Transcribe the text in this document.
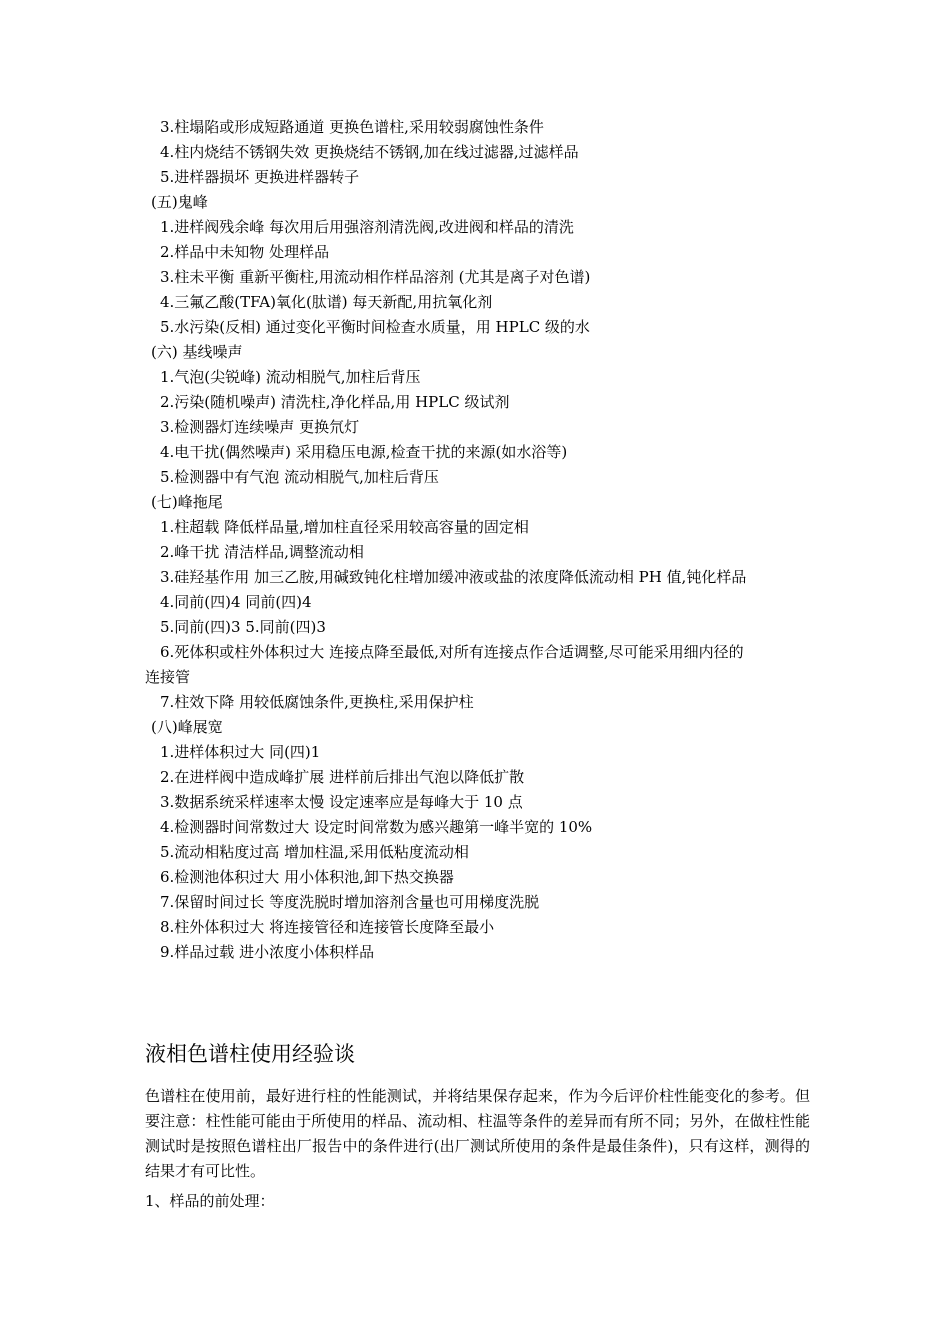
3.柱塌陷或形成短路通道 更换色谱柱,采用较弱腐蚀性条件
4.柱内烧结不锈钢失效 更换烧结不锈钢,加在线过滤器,过滤样品
5.进样器损坏 更换进样器转子
(五)鬼峰
1.进样阀残余峰 每次用后用强溶剂清洗阀,改进阀和样品的清洗
2.样品中未知物 处理样品
3.柱未平衡 重新平衡柱,用流动相作样品溶剂 (尤其是离子对色谱)
4.三氟乙酸(TFA)氧化(肽谱) 每天新配,用抗氧化剂
5.水污染(反相) 通过变化平衡时间检查水质量，用 HPLC 级的水
(六) 基线噪声
1.气泡(尖锐峰) 流动相脱气,加柱后背压
2.污染(随机噪声) 清洗柱,净化样品,用 HPLC 级试剂
3.检测器灯连续噪声 更换氘灯
4.电干扰(偶然噪声) 采用稳压电源,检查干扰的来源(如水浴等)
5.检测器中有气泡 流动相脱气,加柱后背压
(七)峰拖尾
1.柱超载 降低样品量,增加柱直径采用较高容量的固定相
2.峰干扰 清洁样品,调整流动相
3.硅羟基作用 加三乙胺,用碱致钝化柱增加缓冲液或盐的浓度降低流动相 PH 值,钝化样品
4.同前(四)4 同前(四)4
5.同前(四)3 5.同前(四)3
6.死体积或柱外体积过大 连接点降至最低,对所有连接点作合适调整,尽可能采用细内径的
连接管
7.柱效下降 用较低腐蚀条件,更换柱,采用保护柱
(八)峰展宽
1.进样体积过大 同(四)1
2.在进样阀中造成峰扩展 进样前后排出气泡以降低扩散
3.数据系统采样速率太慢 设定速率应是每峰大于 10 点
4.检测器时间常数过大 设定时间常数为感兴趣第一峰半宽的 10%
5.流动相粘度过高 增加柱温,采用低粘度流动相
6.检测池体积过大 用小体积池,卸下热交换器
7.保留时间过长 等度洗脱时增加溶剂含量也可用梯度洗脱
8.柱外体积过大 将连接管径和连接管长度降至最小
9.样品过载 进小浓度小体积样品
液相色谱柱使用经验谈
色谱柱在使用前，最好进行柱的性能测试，并将结果保存起来，作为今后评价柱性能变化的参考。但要注意：柱性能可能由于所使用的样品、流动相、柱温等条件的差异而有所不同；另外，在做柱性能测试时是按照色谱柱出厂报告中的条件进行(出厂测试所使用的条件是最佳条件)，只有这样，测得的结果才有可比性。
1、样品的前处理：
